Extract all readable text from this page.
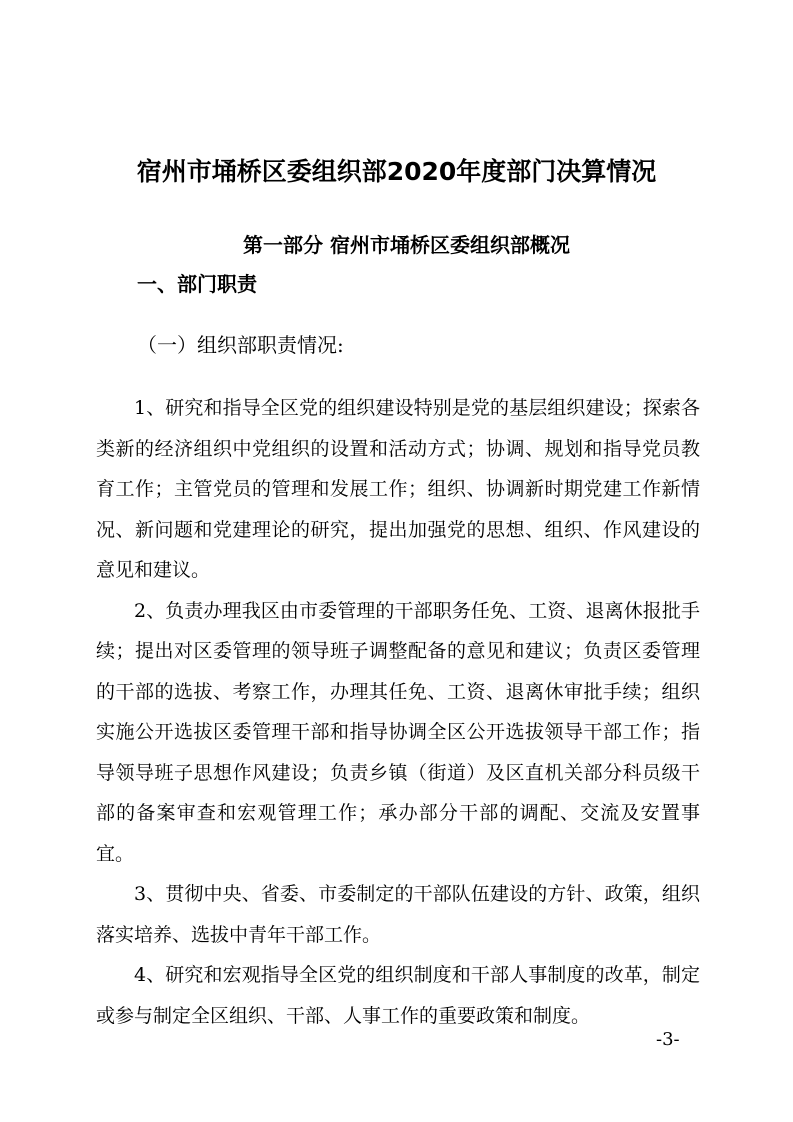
宿州市埇桥区委组织部2020年度部门决算情况
第一部分 宿州市埇桥区委组织部概况
一、部门职责

（一）组织部职责情况:

1、研究和指导全区党的组织建设特别是党的基层组织建设；探索各类新的经济组织中党组织的设置和活动方式；协调、规划和指导党员教育工作；主管党员的管理和发展工作；组织、协调新时期党建工作新情况、新问题和党建理论的研究，提出加强党的思想、组织、作风建设的意见和建议。

2、负责办理我区由市委管理的干部职务任免、工资、退离休报批手续；提出对区委管理的领导班子调整配备的意见和建议；负责区委管理的干部的选拔、考察工作，办理其任免、工资、退离休审批手续；组织实施公开选拔区委管理干部和指导协调全区公开选拔领导干部工作；指导领导班子思想作风建设；负责乡镇（街道）及区直机关部分科员级干部的备案审查和宏观管理工作；承办部分干部的调配、交流及安置事宜。

3、贯彻中央、省委、市委制定的干部队伍建设的方针、政策，组织落实培养、选拔中青年干部工作。

4、研究和宏观指导全区党的组织制度和干部人事制度的改革，制定或参与制定全区组织、干部、人事工作的重要政策和制度。

-3-
